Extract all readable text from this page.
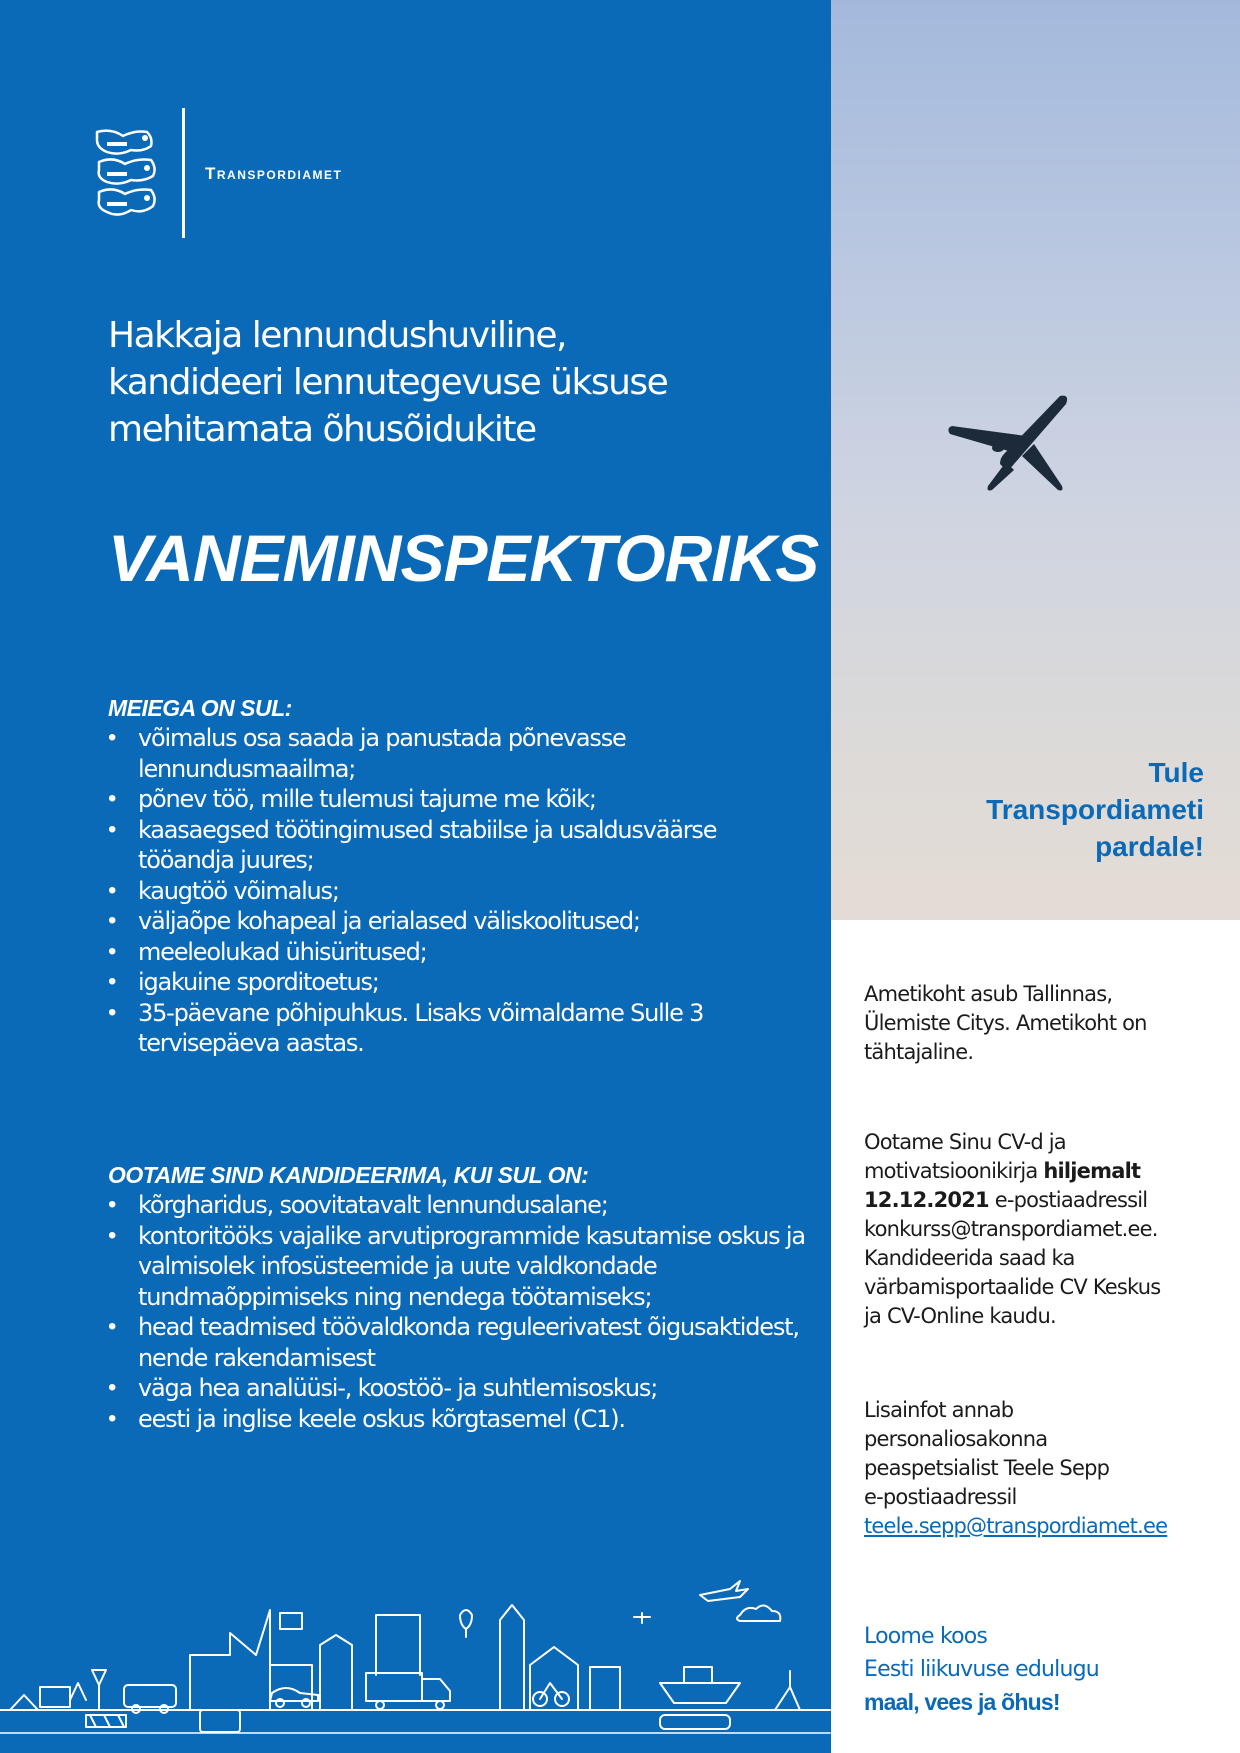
Transpordiamet
Hakkaja lennundushuviline,
kandideeri lennutegevuse üksuse
mehitamata õhusõidukite
VANEMINSPEKTORIKS
MEIEGA ON SUL:
• võimalus osa saada ja panustada põnevasse lennundusmaailma;
• põnev töö, mille tulemusi tajume me kõik;
• kaasaegsed töötingimused stabiilse ja usaldusväärse tööandja juures;
• kaugtöö võimalus;
• väljaõpe kohapeal ja erialased väliskoolitused;
• meeleolukad ühisüritused;
• igakuine sporditoetus;
• 35-päevane põhipuhkus. Lisaks võimaldame Sulle 3 tervisepäeva aastas.
OOTAME SIND KANDIDEERIMA, KUI SUL ON:
• kõrgharidus, soovitatavalt lennundusalane;
• kontoritööks vajalike arvutiprogrammide kasutamise oskus ja valmisolek infosüsteemide ja uute valdkondade tundmaõppimiseks ning nendega töötamiseks;
• head teadmised töövaldkonda reguleerivatest õigusaktidest, nende rakendamisest
• väga hea analüüsi-, koostöö- ja suhtlemisoskus;
• eesti ja inglise keele oskus kõrgtasemel (C1).
Tule
Transpordiameti
pardale!
Ametikoht asub Tallinnas,
Ülemiste Citys. Ametikoht on
tähtajaline.
Ootame Sinu CV-d ja
motivatsioonikirja hiljemalt
12.12.2021 e-postiaadressil
konkurss@transpordiamet.ee.
Kandideerida saad ka
värbamisportaalide CV Keskus
ja CV-Online kaudu.
Lisainfot annab
personaliosakonna
peaspetsialist Teele Sepp
e-postiaadressil
teele.sepp@transpordiamet.ee
Loome koos
Eesti liikuvuse edulugu
maal, vees ja õhus!
